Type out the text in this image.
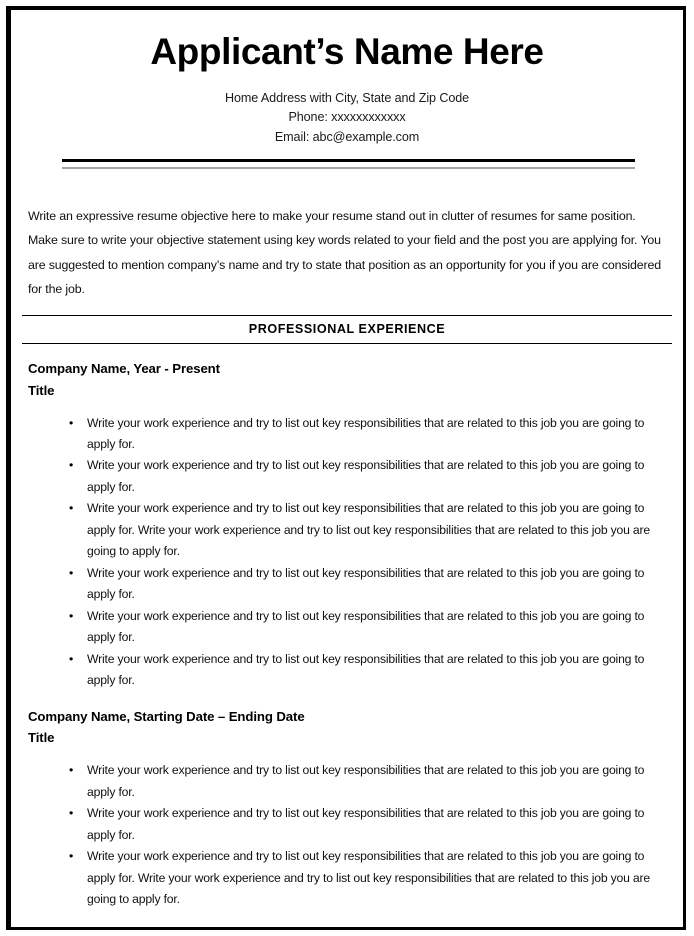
Applicant’s Name Here
Home Address with City, State and Zip Code
Phone: xxxxxxxxxxxx
Email: abc@example.com

Write an expressive resume objective here to make your resume stand out in clutter of resumes for same position. Make sure to write your objective statement using key words related to your field and the post you are applying for. You are suggested to mention company’s name and try to state that position as an opportunity for you if you are considered for the job.

PROFESSIONAL EXPERIENCE
Company Name, Year - Present
Title
• Write your work experience and try to list out key responsibilities that are related to this job you are going to apply for.
• Write your work experience and try to list out key responsibilities that are related to this job you are going to apply for.
• Write your work experience and try to list out key responsibilities that are related to this job you are going to apply for. Write your work experience and try to list out key responsibilities that are related to this job you are going to apply for.
• Write your work experience and try to list out key responsibilities that are related to this job you are going to apply for.
• Write your work experience and try to list out key responsibilities that are related to this job you are going to apply for.
• Write your work experience and try to list out key responsibilities that are related to this job you are going to apply for.
Company Name, Starting Date – Ending Date
Title
• Write your work experience and try to list out key responsibilities that are related to this job you are going to apply for.
• Write your work experience and try to list out key responsibilities that are related to this job you are going to apply for.
• Write your work experience and try to list out key responsibilities that are related to this job you are going to apply for. Write your work experience and try to list out key responsibilities that are related to this job you are going to apply for.
